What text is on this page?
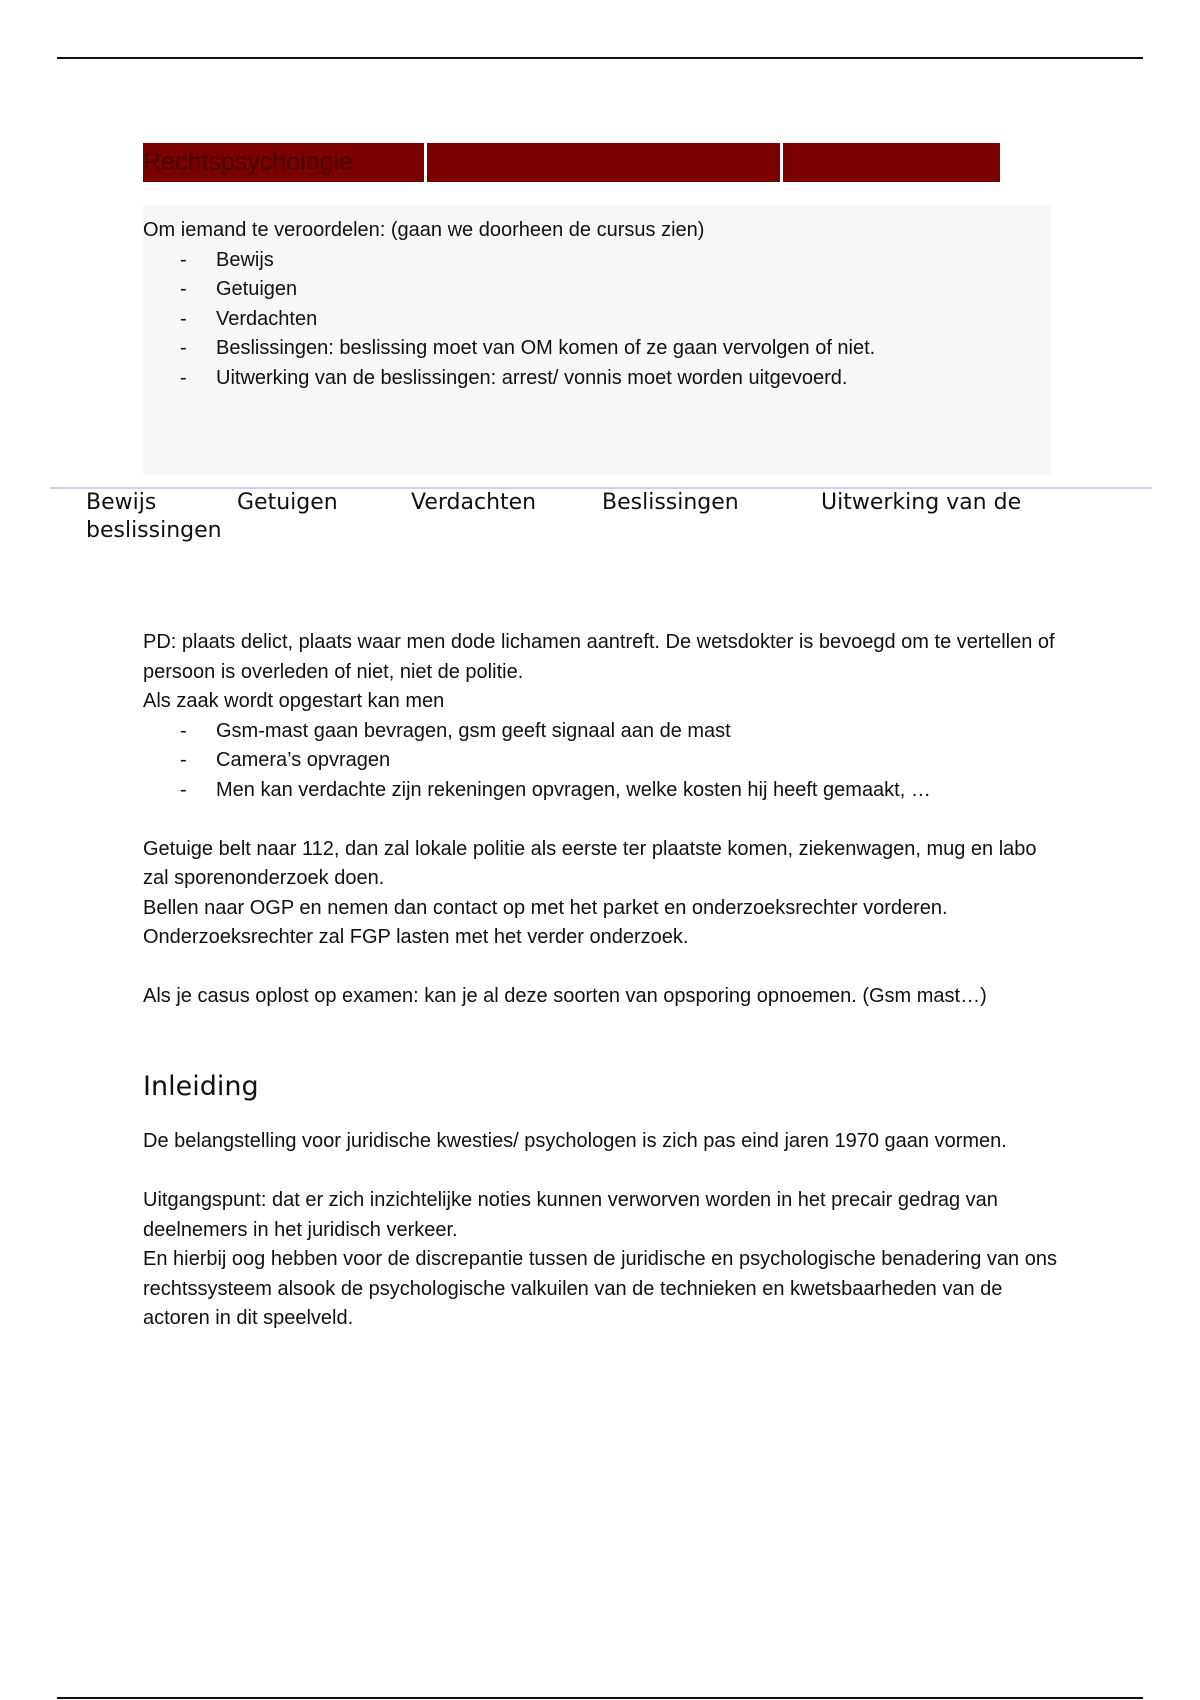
Rechtspsychologie

Om iemand te veroordelen: (gaan we doorheen de cursus zien)

- Bewijs
- Getuigen
- Verdachten
- Beslissingen: beslissing moet van OM komen of ze gaan vervolgen of niet.
- Uitwerking van de beslissingen: arrest/ vonnis moet worden uitgevoerd.
Bewijs	Getuigen	Verdachten	Beslissingen	Uitwerking van de
beslissingen

PD: plaats delict, plaats waar men dode lichamen aantreft. De wetsdokter is bevoegd om te vertellen of persoon is overleden of niet, niet de politie.

Als zaak wordt opgestart kan men

- Gsm-mast gaan bevragen, gsm geeft signaal aan de mast
- Camera’s opvragen
- Men kan verdachte zijn rekeningen opvragen, welke kosten hij heeft gemaakt, …

Getuige belt naar 112, dan zal lokale politie als eerste ter plaatste komen, ziekenwagen, mug en labo zal sporenonderzoek doen.

Bellen naar OGP en nemen dan contact op met het parket en onderzoeksrechter vorderen.

Onderzoeksrechter zal FGP lasten met het verder onderzoek.

Als je casus oplost op examen: kan je al deze soorten van opsporing opnoemen. (Gsm mast…)

Inleiding

De belangstelling voor juridische kwesties/ psychologen is zich pas eind jaren 1970 gaan vormen.

Uitgangspunt: dat er zich inzichtelijke noties kunnen verworven worden in het precair gedrag van deelnemers in het juridisch verkeer.

En hierbij oog hebben voor de discrepantie tussen de juridische en psychologische benadering van ons rechtssysteem alsook de psychologische valkuilen van de technieken en kwetsbaarheden van de actoren in dit speelveld.
